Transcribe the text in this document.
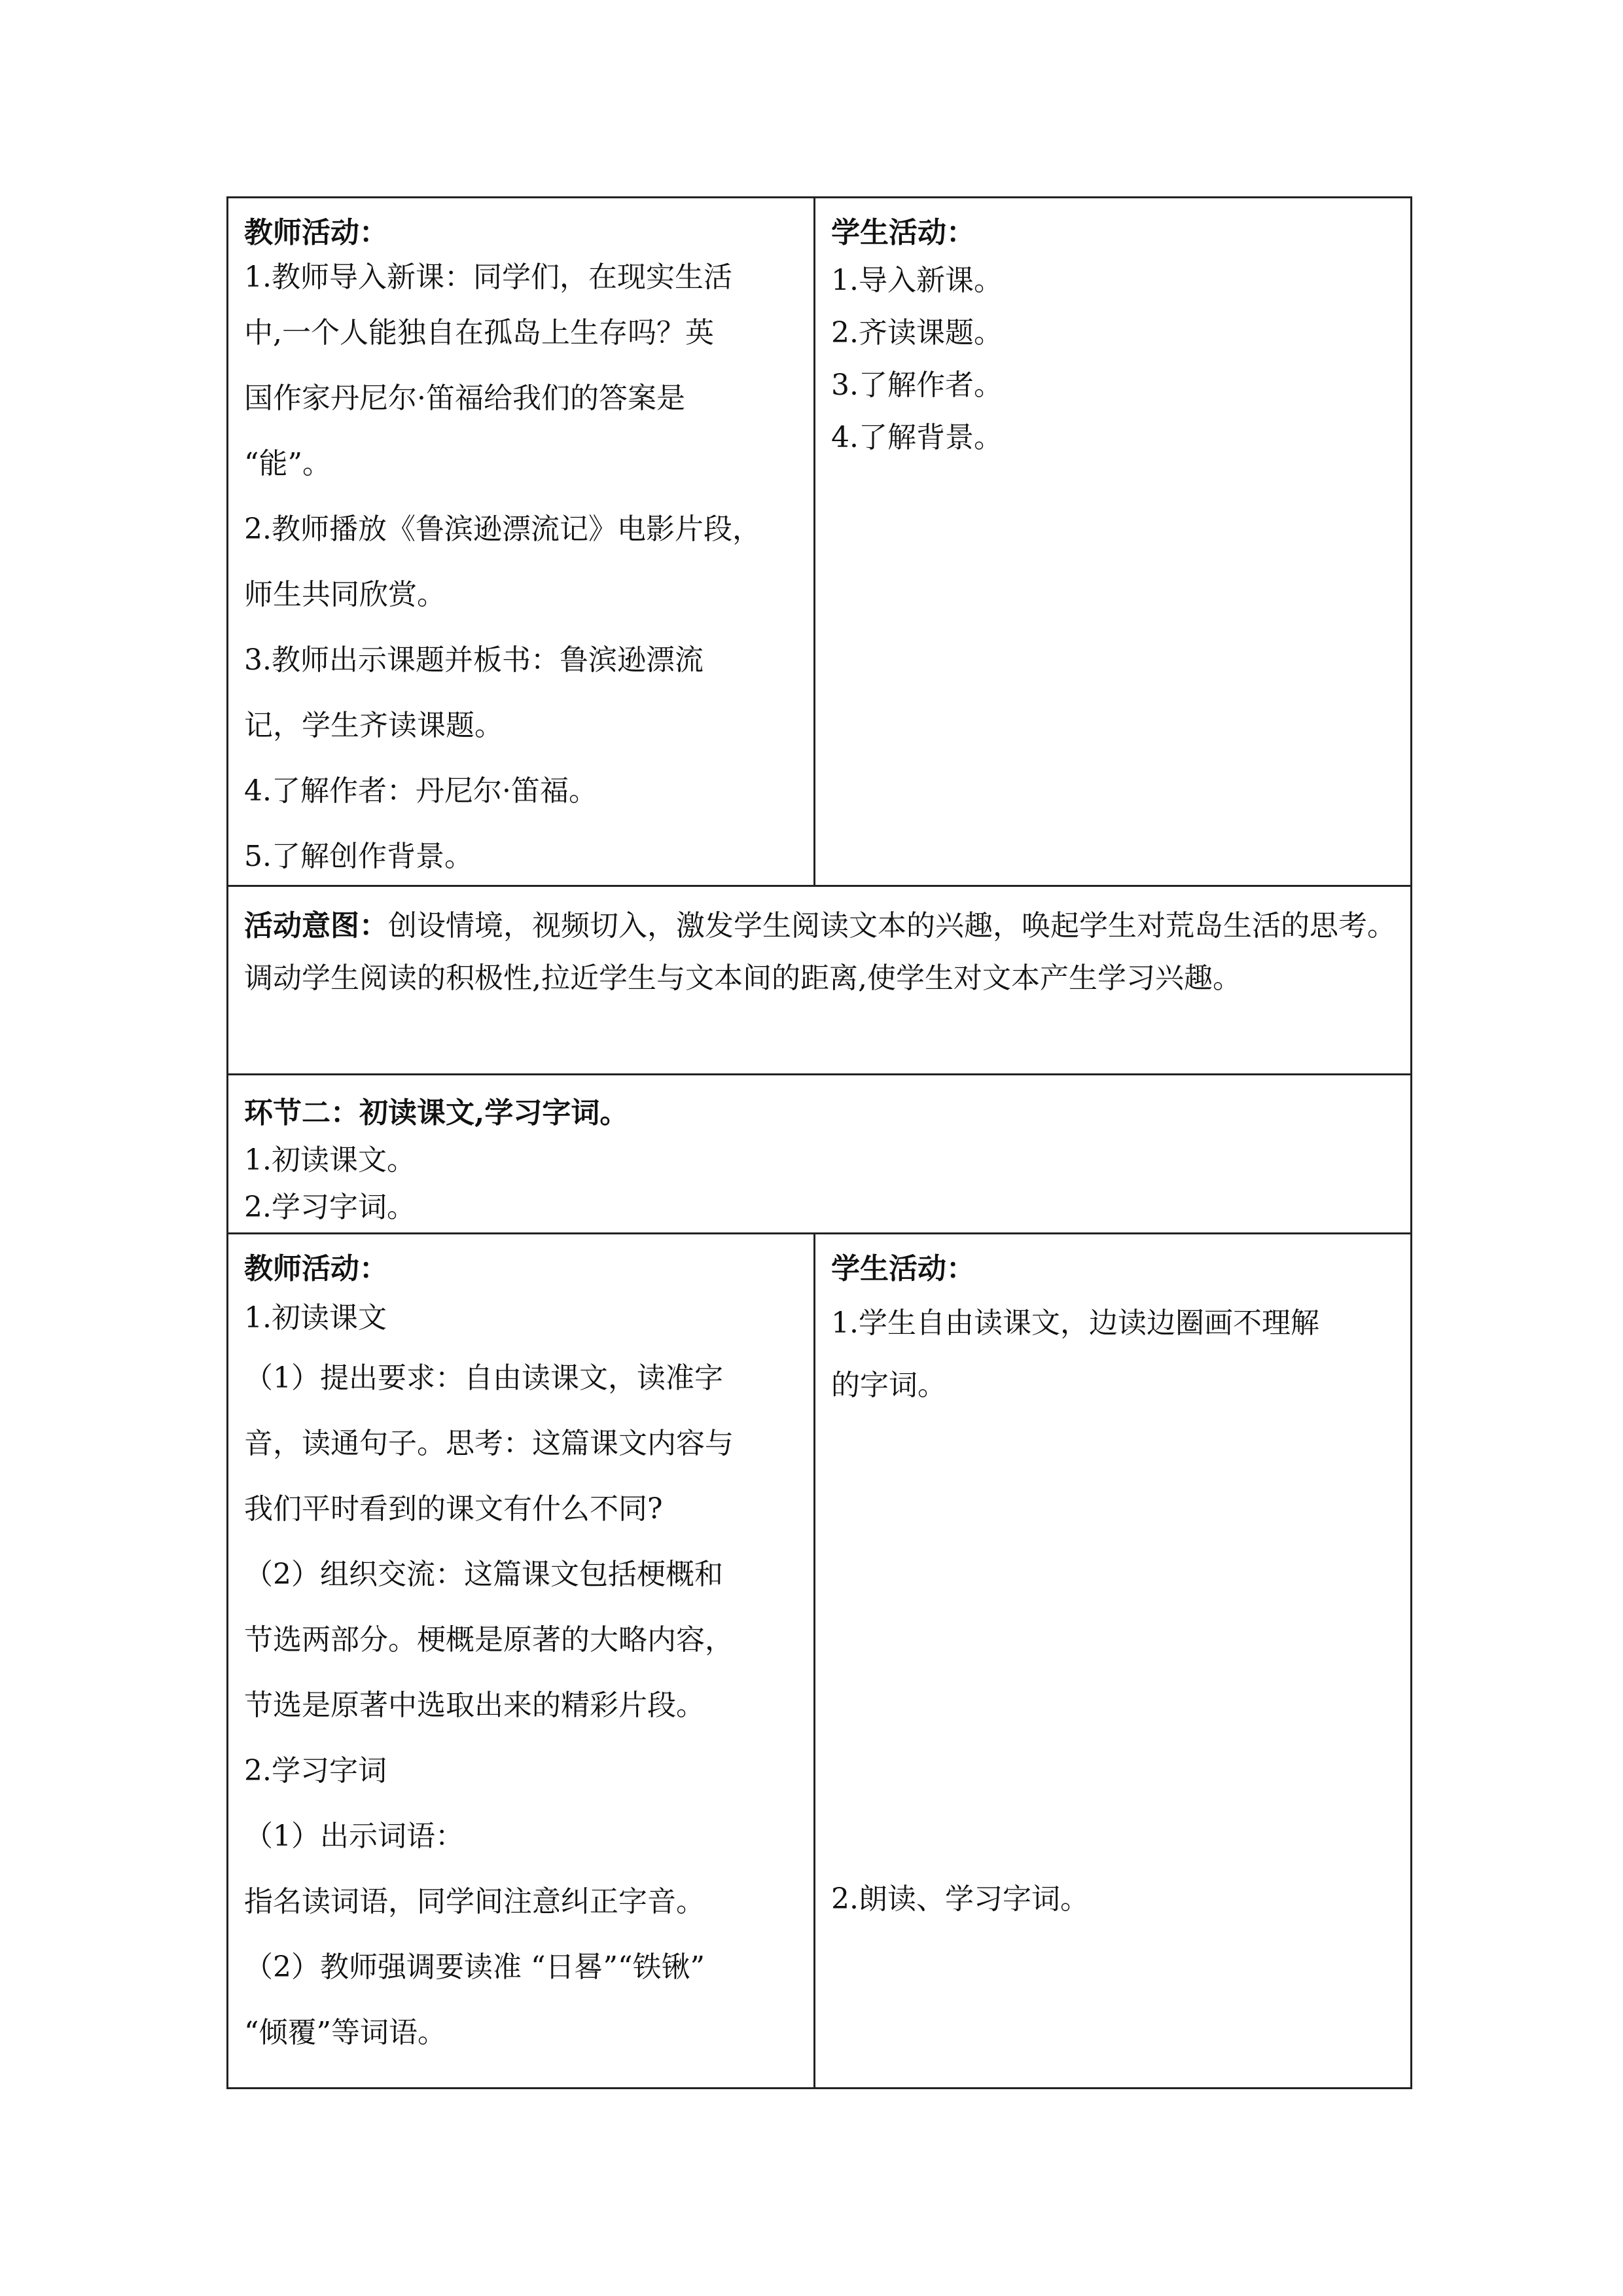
教师活动：
1.教师导入新课：同学们，在现实生活
中,一个人能独自在孤岛上生存吗？英
国作家丹尼尔·笛福给我们的答案是
“能”。
2.教师播放《鲁滨逊漂流记》电影片段，
师生共同欣赏。
3.教师出示课题并板书：鲁滨逊漂流
记，学生齐读课题。
4.了解作者：丹尼尔·笛福。
5.了解创作背景。
学生活动：
1.导入新课。
2.齐读课题。
3.了解作者。
4.了解背景。
活动意图：创设情境，视频切入，激发学生阅读文本的兴趣，唤起学生对荒岛生活的思考。调动学生阅读的积极性,拉近学生与文本间的距离,使学生对文本产生学习兴趣。
环节二：初读课文,学习字词。
1.初读课文。
2.学习字词。
教师活动：
1.初读课文
（1）提出要求：自由读课文，读准字
音，读通句子。思考：这篇课文内容与
我们平时看到的课文有什么不同?
（2）组织交流：这篇课文包括梗概和
节选两部分。梗概是原著的大略内容，
节选是原著中选取出来的精彩片段。
2.学习字词
（1）出示词语：
指名读词语，同学间注意纠正字音。
（2）教师强调要读准 “日晷”“铁锹”
“倾覆”等词语。
学生活动：
1.学生自由读课文，边读边圈画不理解
的字词。
2.朗读、学习字词。
